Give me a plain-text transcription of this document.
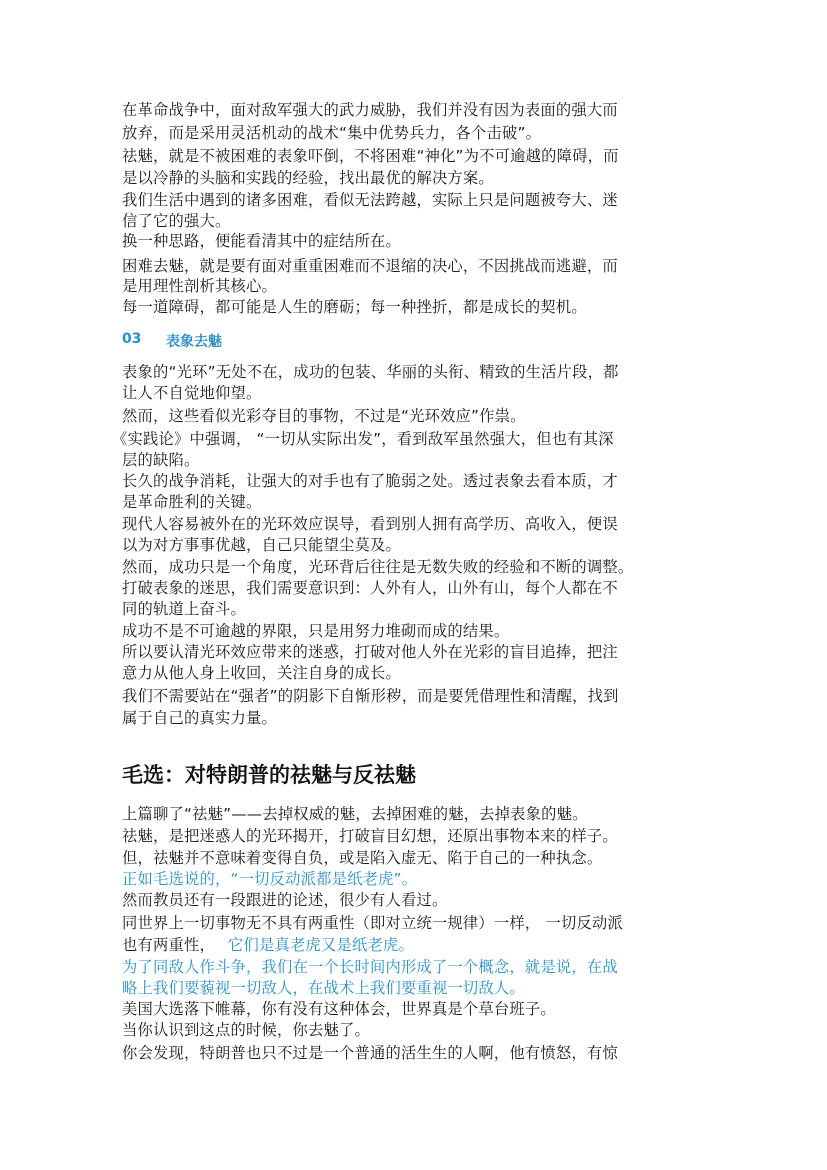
在革命战争中，面对敌军强大的武力威胁，我们并没有因为表面的强大而
放弃，而是采用灵活机动的战术“集中优势兵力，各个击破”。
祛魅，就是不被困难的表象吓倒，不将困难“神化”为不可逾越的障碍，而
是以冷静的头脑和实践的经验，找出最优的解决方案。
我们生活中遇到的诸多困难，看似无法跨越，实际上只是问题被夸大、迷
信了它的强大。
换一种思路，便能看清其中的症结所在。
困难去魅，就是要有面对重重困难而不退缩的决心，不因挑战而逃避，而
是用理性剖析其核心。
每一道障碍，都可能是人生的磨砺；每一种挫折，都是成长的契机。
03 表象去魅
表象的“光环”无处不在，成功的包装、华丽的头衔、精致的生活片段，都
让人不自觉地仰望。
然而，这些看似光彩夺目的事物，不过是“光环效应”作祟。
《实践论》中强调， “一切从实际出发”，看到敌军虽然强大，但也有其深
层的缺陷。
长久的战争消耗，让强大的对手也有了脆弱之处。透过表象去看本质，才
是革命胜利的关键。
现代人容易被外在的光环效应误导，看到别人拥有高学历、高收入，便误
以为对方事事优越，自己只能望尘莫及。
然而，成功只是一个角度，光环背后往往是无数失败的经验和不断的调整。
打破表象的迷思，我们需要意识到：人外有人，山外有山，每个人都在不
同的轨道上奋斗。
成功不是不可逾越的界限，只是用努力堆砌而成的结果。
所以要认清光环效应带来的迷惑，打破对他人外在光彩的盲目追捧，把注
意力从他人身上收回，关注自身的成长。
我们不需要站在“强者”的阴影下自惭形秽，而是要凭借理性和清醒，找到
属于自己的真实力量。
毛选：对特朗普的祛魅与反祛魅
上篇聊了“祛魅”——去掉权威的魅，去掉困难的魅，去掉表象的魅。
祛魅，是把迷惑人的光环揭开，打破盲目幻想，还原出事物本来的样子。
但，祛魅并不意味着变得自负，或是陷入虚无、陷于自己的一种执念。
正如毛选说的，“一切反动派都是纸老虎”。
然而教员还有一段跟进的论述，很少有人看过。
同世界上一切事物无不具有两重性（即对立统一规律）一样， 一切反动派
也有两重性， 它们是真老虎又是纸老虎。
为了同敌人作斗争，我们在一个长时间内形成了一个概念，就是说，在战
略上我们要藐视一切敌人，在战术上我们要重视一切敌人。
美国大选落下帷幕，你有没有这种体会，世界真是个草台班子。
当你认识到这点的时候，你去魅了。
你会发现，特朗普也只不过是一个普通的活生生的人啊，他有愤怒，有惊
